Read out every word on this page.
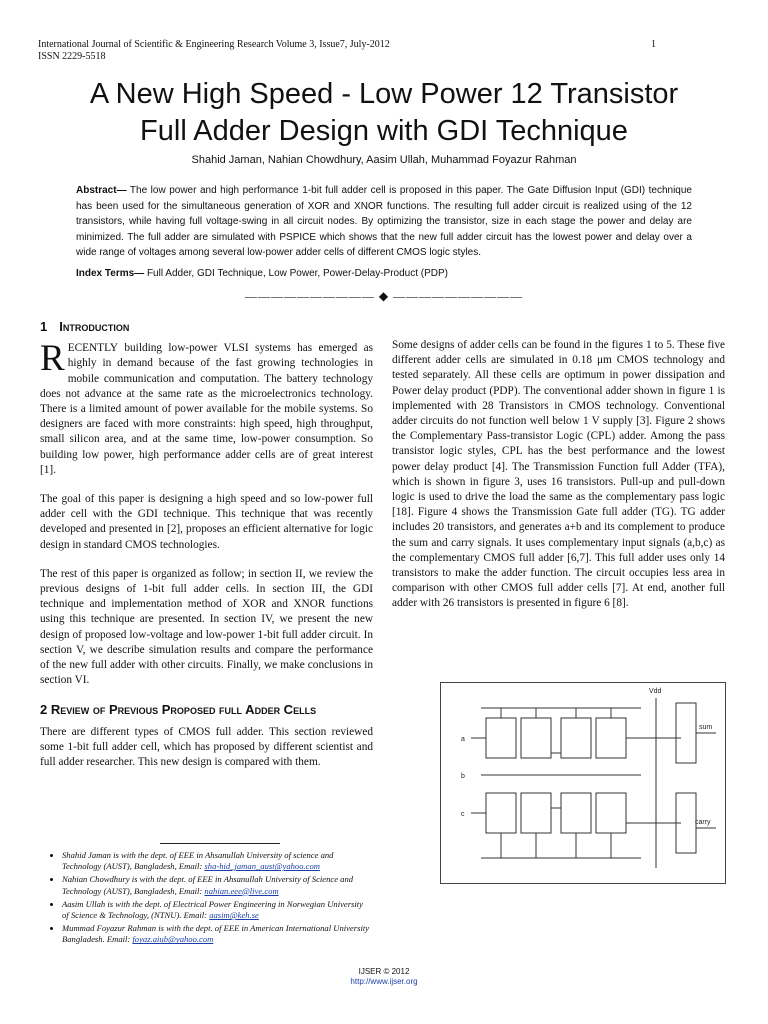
International Journal of Scientific & Engineering Research Volume 3, Issue7, July-2012
ISSN 2229-5518
1
A New High Speed - Low Power 12 Transistor
Full Adder Design with GDI Technique
Shahid Jaman, Nahian Chowdhury, Aasim Ullah, Muhammad Foyazur Rahman
Abstract— The low power and high performance 1-bit full adder cell is proposed in this paper. The Gate Diffusion Input (GDI) technique has been used for the simultaneous generation of XOR and XNOR functions. The resulting full adder circuit is realized using of the 12 transistors, while having full voltage-swing in all circuit nodes. By optimizing the transistor, size in each stage the power and delay are minimized. The full adder are simulated with PSPICE which shows that the new full adder circuit has the lowest power and delay over a wide range of voltages among several low-power adder cells of different CMOS logic styles.
Index Terms— Full Adder, GDI Technique, Low Power, Power-Delay-Product (PDP)
—————————— ◆ ——————————
1 Introduction

RECENTLY building low-power VLSI systems has emerged as highly in demand because of the fast growing technologies in mobile communication and computation. The battery technology does not advance at the same rate as the microelectronics technology. There is a limited amount of power available for the mobile systems. So designers are faced with more constraints: high speed, high throughput, small silicon area, and at the same time, low-power consumption. So building low power, high performance adder cells are of great interest [1].

The goal of this paper is designing a high speed and so low-power full adder cell with the GDI technique. This technique that was recently developed and presented in [2], proposes an efficient alternative for logic design in standard CMOS technologies.

The rest of this paper is organized as follow; in section II, we review the previous designs of 1-bit full adder cells. In section III, the GDI technique and implementation method of XOR and XNOR functions using this technique are presented. In section IV, we present the new design of proposed low-voltage and low-power 1-bit full adder circuit. In section V, we describe simulation results and compare the performance of the new full adder with other circuits. Finally, we make conclusions in section VI.

2 Review of Previous Proposed full Adder Cells

There are different types of CMOS full adder. This section reviewed some 1-bit full adder cell, which has proposed by different scientist and full adder researcher. This new design is compared with them.

Some designs of adder cells can be found in the figures 1 to 5. These five different adder cells are simulated in 0.18 μm CMOS technology and tested separately. All these cells are optimum in power dissipation and Power delay product (PDP). The conventional adder shown in figure 1 is implemented with 28 Transistors in CMOS technology. Conventional adder circuits do not function well below 1 V supply [3]. Figure 2 shows the Complementary Pass-transistor Logic (CPL) adder. Among the pass transistor logic styles, CPL has the best performance and the lowest power delay product [4]. The Transmission Function full Adder (TFA), which is shown in figure 3, uses 16 transistors. Pull-up and pull-down logic is used to drive the load the same as the complementary pass logic [18]. Figure 4 shows the Transmission Gate full adder (TG). TG adder includes 20 transistors, and generates a+b and its complement to produce the sum and carry signals. It uses complementary input signals (a,b,c) as the complementary CMOS full adder [6,7]. This full adder uses only 14 transistors to make the adder function. The circuit occupies less area in comparison with other CMOS full adder cells [7]. At end, another full adder with 26 transistors is presented in figure 6 [8].

Vdd
sum
carry
a
b
c
• Shahid Jaman is with the dept. of EEE in Ahsanullah University of science and Technology (AUST), Bangladesh, Email: sha-hid_jaman_aust@yahoo.com
• Nahian Chowdhury is with the dept. of EEE in Ahsanullah University of Science and Technology (AUST), Bangladesh, Email: nahian.eee@live.com
• Aasim Ullah is with the dept. of Electrical Power Engineering in Norwegian University of Science & Technology, (NTNU). Email: aasim@keh.se
• Mummad Foyazur Rahman is with the dept. of EEE in American International University Bangladesh. Email: foyaz.aiub@yahoo.com
IJSER © 2012
http://www.ijser.org
